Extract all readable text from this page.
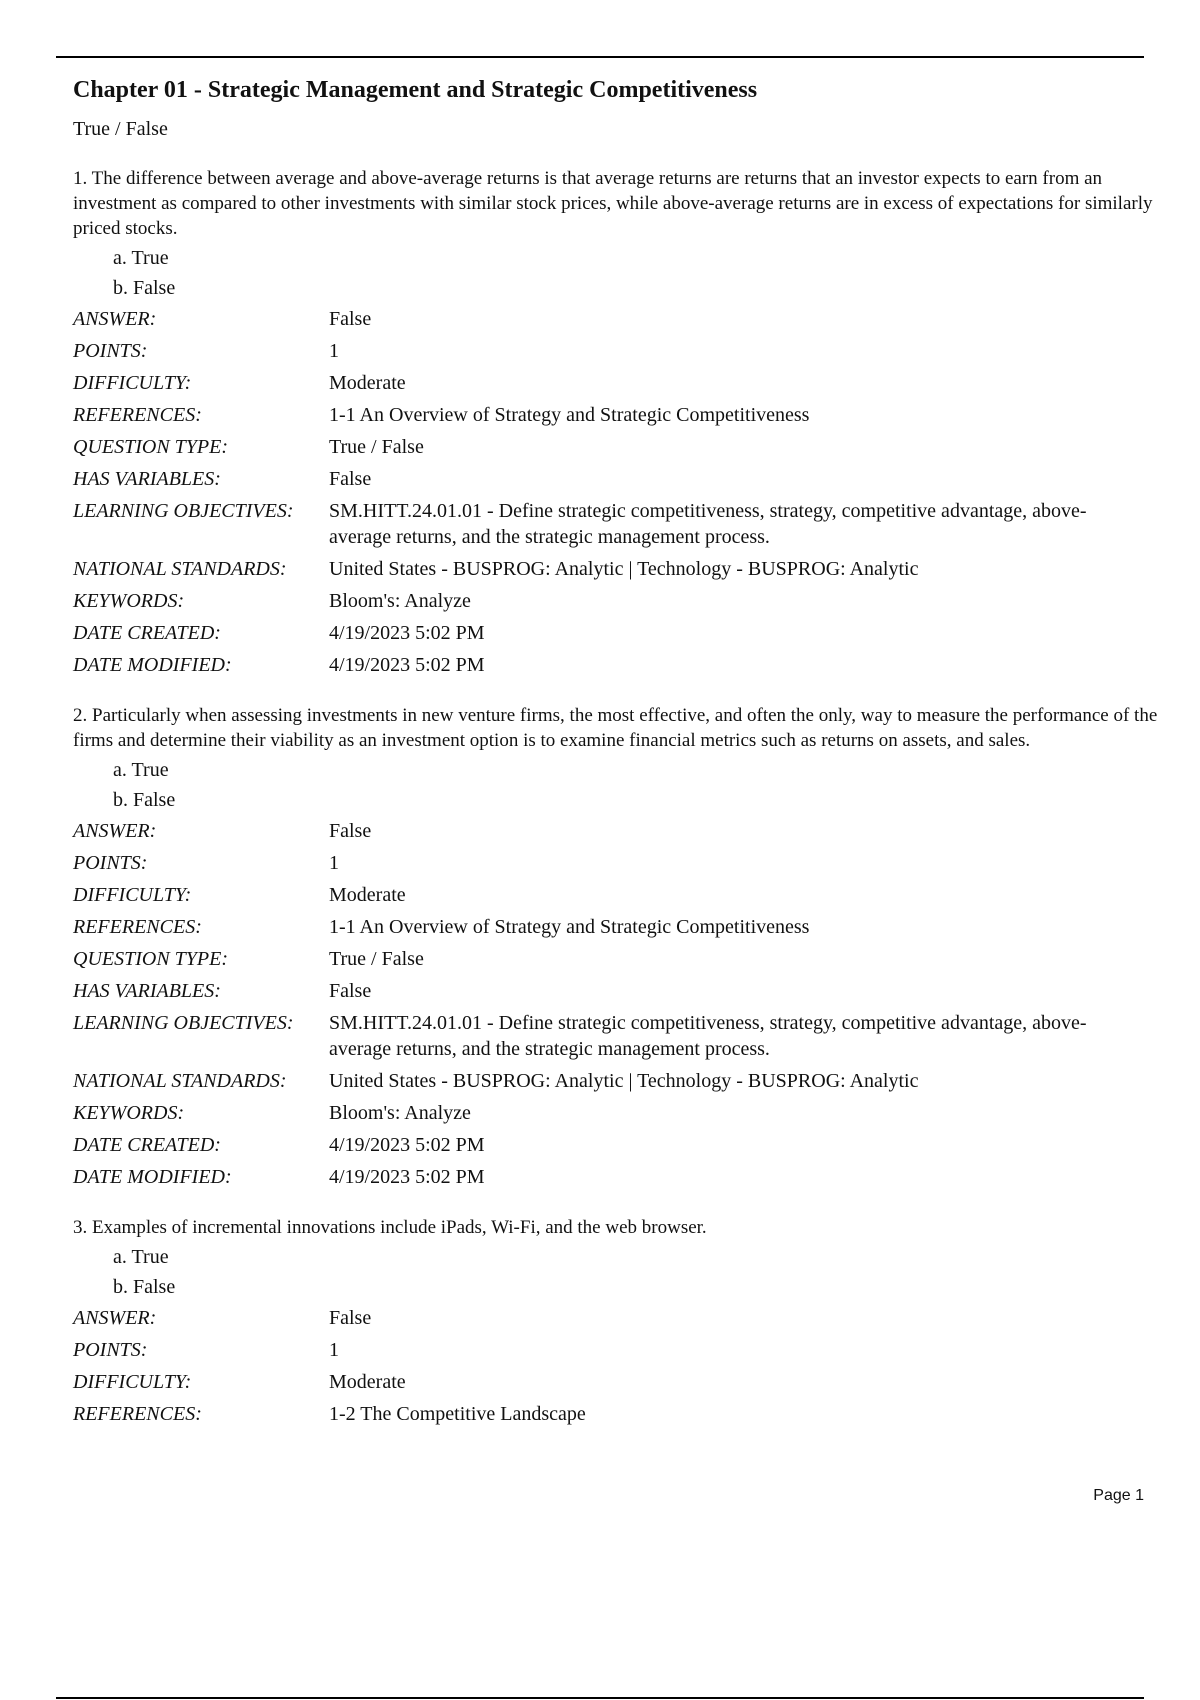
Chapter 01 - Strategic Management and Strategic Competitiveness
True / False
1. The difference between average and above-average returns is that average returns are returns that an investor expects to earn from an investment as compared to other investments with similar stock prices, while above-average returns are in excess of expectations for similarly priced stocks.
a. True
b. False
ANSWER:	False
POINTS:	1
DIFFICULTY:	Moderate
REFERENCES:	1-1 An Overview of Strategy and Strategic Competitiveness
QUESTION TYPE:	True / False
HAS VARIABLES:	False
LEARNING OBJECTIVES:	SM.HITT.24.01.01 - Define strategic competitiveness, strategy, competitive advantage, above-average returns, and the strategic management process.
NATIONAL STANDARDS:	United States - BUSPROG: Analytic | Technology - BUSPROG: Analytic
KEYWORDS:	Bloom's: Analyze
DATE CREATED:	4/19/2023 5:02 PM
DATE MODIFIED:	4/19/2023 5:02 PM
2. Particularly when assessing investments in new venture firms, the most effective, and often the only, way to measure the performance of the firms and determine their viability as an investment option is to examine financial metrics such as returns on assets, and sales.
a. True
b. False
ANSWER:	False
POINTS:	1
DIFFICULTY:	Moderate
REFERENCES:	1-1 An Overview of Strategy and Strategic Competitiveness
QUESTION TYPE:	True / False
HAS VARIABLES:	False
LEARNING OBJECTIVES:	SM.HITT.24.01.01 - Define strategic competitiveness, strategy, competitive advantage, above-average returns, and the strategic management process.
NATIONAL STANDARDS:	United States - BUSPROG: Analytic | Technology - BUSPROG: Analytic
KEYWORDS:	Bloom's: Analyze
DATE CREATED:	4/19/2023 5:02 PM
DATE MODIFIED:	4/19/2023 5:02 PM
3. Examples of incremental innovations include iPads, Wi-Fi, and the web browser.
a. True
b. False
ANSWER:	False
POINTS:	1
DIFFICULTY:	Moderate
REFERENCES:	1-2 The Competitive Landscape
Page 1
